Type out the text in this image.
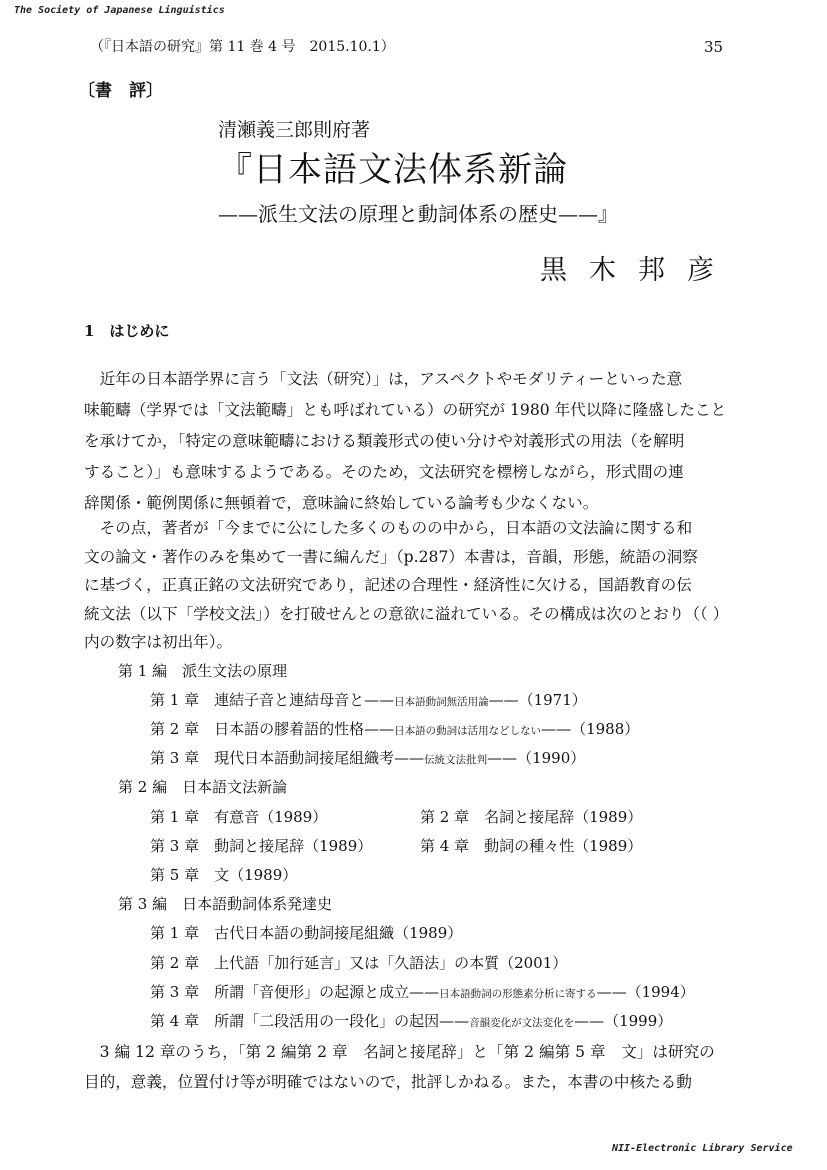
The Society of Japanese Linguistics
（『日本語の研究』第 11 巻 4 号　2015.10.1）	35
〔書　評〕
清瀬義三郎則府著
『日本語文法体系新論
——派生文法の原理と動詞体系の歴史——』
黒木邦彦
1　はじめに
　近年の日本語学界に言う「文法（研究）」は，アスペクトやモダリティーといった意
味範疇（学界では「文法範疇」とも呼ばれている）の研究が 1980 年代以降に隆盛したこと
を承けてか，「特定の意味範疇における類義形式の使い分けや対義形式の用法（を解明
すること）」も意味するようである。そのため，文法研究を標榜しながら，形式間の連
辞関係・範例関係に無頓着で，意味論に終始している論考も少なくない。
　その点，著者が「今までに公にした多くのものの中から，日本語の文法論に関する和
文の論文・著作のみを集めて一書に編んだ」（p.287）本書は，音韻，形態，統語の洞察
に基づく，正真正銘の文法研究であり，記述の合理性・経済性に欠ける，国語教育の伝
統文法（以下「学校文法」）を打破せんとの意欲に溢れている。その構成は次のとおり（（ ）
内の数字は初出年）。
第 1 編　派生文法の原理
第 1 章　連結子音と連結母音と——日本語動詞無活用論——（1971）
第 2 章　日本語の膠着語的性格——日本語の動詞は活用などしない——（1988）
第 3 章　現代日本語動詞接尾組織考——伝統文法批判——（1990）
第 2 編　日本語文法新論
第 1 章　有意音（1989）	第 2 章　名詞と接尾辞（1989）
第 3 章　動詞と接尾辞（1989）	第 4 章　動詞の種々性（1989）
第 5 章　文（1989）
第 3 編　日本語動詞体系発達史
第 1 章　古代日本語の動詞接尾組織（1989）
第 2 章　上代語「加行延言」又は「久語法」の本質（2001）
第 3 章　所謂「音便形」の起源と成立——日本語動詞の形態素分析に寄する——（1994）
第 4 章　所謂「二段活用の一段化」の起因——音韻変化が文法変化を——（1999）
　3 編 12 章のうち，「第 2 編第 2 章　名詞と接尾辞」と「第 2 編第 5 章　文」は研究の
目的，意義，位置付け等が明確ではないので，批評しかねる。また，本書の中核たる動
NII-Electronic Library Service
